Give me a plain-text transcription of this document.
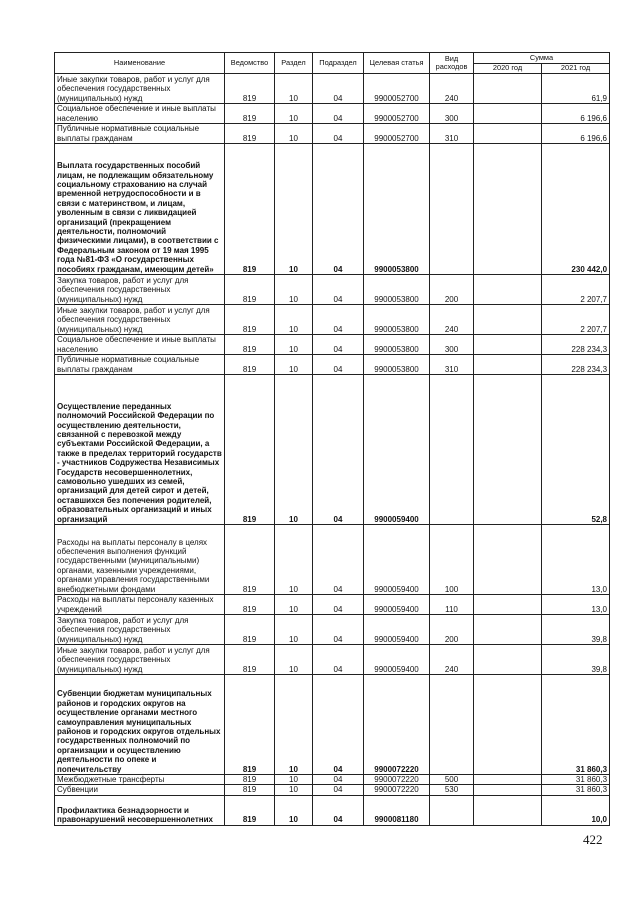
Наименование	Ведомство	Раздел	Подраздел	Целевая статья	Вид расходов	Сумма	
						2020 год	2021 год
Иные закупки товаров, работ и услуг для обеспечения государственных (муниципальных) нужд	819	10	04	9900052700	240		61,9
Социальное обеспечение и иные выплаты населению	819	10	04	9900052700	300		6 196,6
Публичные нормативные социальные выплаты гражданам	819	10	04	9900052700	310		6 196,6
Выплата государственных пособий лицам, не подлежащим обязательному социальному страхованию на случай временной нетрудоспособности и в связи с материнством, и лицам, уволенным в связи с ликвидацией организаций (прекращением деятельности, полномочий физическими лицами), в соответствии с Федеральным законом от 19 мая 1995 года №81-ФЗ «О государственных пособиях гражданам, имеющим детей»	819	10	04	9900053800			230 442,0
Закупка товаров, работ и услуг для обеспечения государственных (муниципальных) нужд	819	10	04	9900053800	200		2 207,7
Иные закупки товаров, работ и услуг для обеспечения государственных (муниципальных) нужд	819	10	04	9900053800	240		2 207,7
Социальное обеспечение и иные выплаты населению	819	10	04	9900053800	300		228 234,3
Публичные нормативные социальные выплаты гражданам	819	10	04	9900053800	310		228 234,3
Осуществление переданных полномочий Российской Федерации по осуществлению деятельности, связанной с перевозкой между субъектами Российской Федерации, а также в пределах территорий государств - участников Содружества Независимых Государств несовершеннолетних, самовольно ушедших из семей, организаций для детей сирот и детей, оставшихся без попечения родителей, образовательных организаций и иных организаций	819	10	04	9900059400			52,8
Расходы на выплаты персоналу в целях обеспечения выполнения функций государственными (муниципальными) органами, казенными учреждениями, органами управления государственными внебюджетными фондами	819	10	04	9900059400	100		13,0
Расходы на выплаты персоналу казенных учреждений	819	10	04	9900059400	110		13,0
Закупка товаров, работ и услуг для обеспечения государственных (муниципальных) нужд	819	10	04	9900059400	200		39,8
Иные закупки товаров, работ и услуг для обеспечения государственных (муниципальных) нужд	819	10	04	9900059400	240		39,8
Субвенции бюджетам муниципальных районов и городских округов на осуществление органами местного самоуправления муниципальных районов и городских округов отдельных государственных полномочий по организации и осуществлению деятельности по опеке и попечительству	819	10	04	9900072220			31 860,3
Межбюджетные трансферты	819	10	04	9900072220	500		31 860,3
Субвенции	819	10	04	9900072220	530		31 860,3
Профилактика безнадзорности и правонарушений несовершеннолетних	819	10	04	9900081180			10,0
422
